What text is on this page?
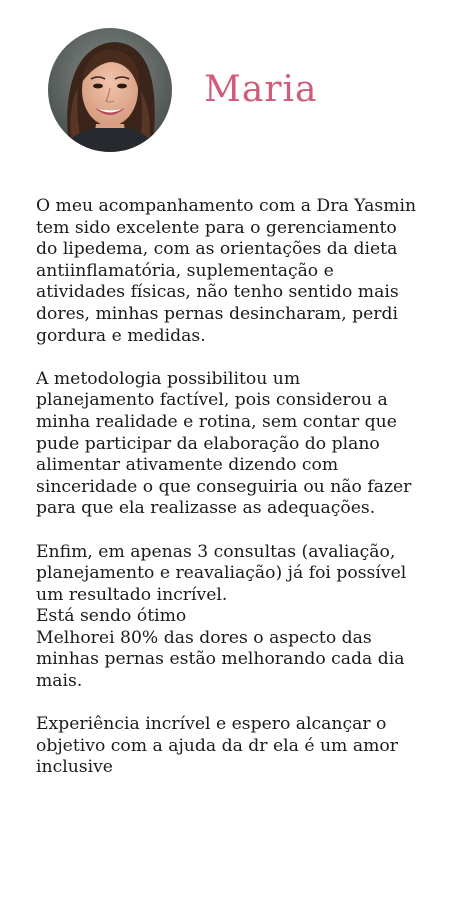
Maria

O meu acompanhamento com a Dra Yasmin tem sido excelente para o gerenciamento do lipedema, com as orientações da dieta antiinflamatória, suplementação e atividades físicas, não tenho sentido mais dores, minhas pernas desincharam, perdi gordura e medidas.

A metodologia possibilitou um planejamento factível, pois considerou a minha realidade e rotina, sem contar que pude participar da elaboração do plano alimentar ativamente dizendo com sinceridade o que conseguiria ou não fazer para que ela realizasse as adequações.

Enfim, em apenas 3 consultas (avaliação, planejamento e reavaliação) já foi possível um resultado incrível.
Está sendo ótimo
Melhorei 80% das dores o aspecto das minhas pernas estão melhorando cada dia mais.

Experiência incrível e espero alcançar o objetivo com a ajuda da dr ela é um amor inclusive
